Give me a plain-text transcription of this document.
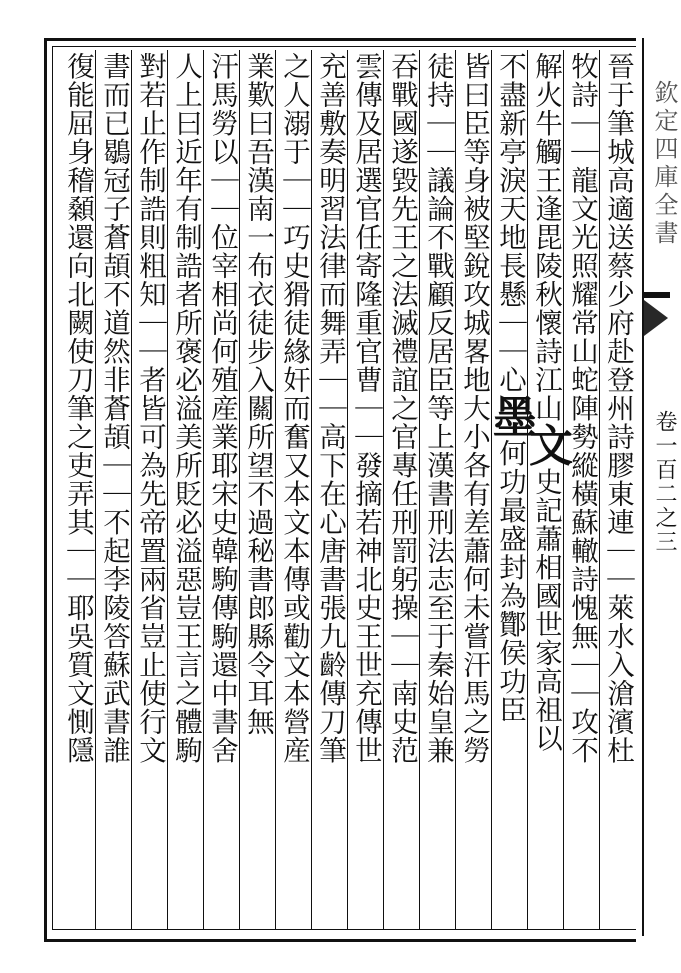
晉于筆城高適送蔡少府赴登州詩膠東連｜｜萊水入滄濱杜
牧詩｜｜龍文光照耀常山蛇陣勢縱橫蘇轍詩愧無｜｜攻不
解火牛觸王逢毘陵秋懷詩江山文史記蕭相國世家高祖以
不盡新亭淚天地長懸｜｜心墨何功最盛封為酇侯功臣
皆曰臣等身被堅銳攻城畧地大小各有差蕭何未嘗汗馬之勞
徒持｜｜議論不戰顧反居臣等上漢書刑法志至于秦始皇兼
吞戰國遂毀先王之法滅禮誼之官專任刑罰躬操｜｜南史范
雲傳及居選官任寄隆重官曹｜｜發摘若神北史王世充傳世
充善敷奏明習法律而舞弄｜｜高下在心唐書張九齡傳刀筆
之人溺于｜｜巧史猾徒緣奸而奮又本文本傳或勸文本營産
業歎曰吾漢南一布衣徒步入關所望不過秘書郎縣令耳無
汗馬勞以｜｜位宰相尚何殖産業耶宋史韓駒傳駒還中書舍
人上曰近年有制誥者所褒必溢美所貶必溢惡豈王言之體駒
對若止作制誥則粗知｜｜者皆可為先帝置兩省豈止使行文
書而已鶡冠子蒼頡不道然非蒼頡｜｜不起李陵答蘇武書誰
復能屈身稽顙還向北闕使刀筆之吏弄其｜｜耶吳質文惻隱	欽定四庫全書
卷一百二之三
